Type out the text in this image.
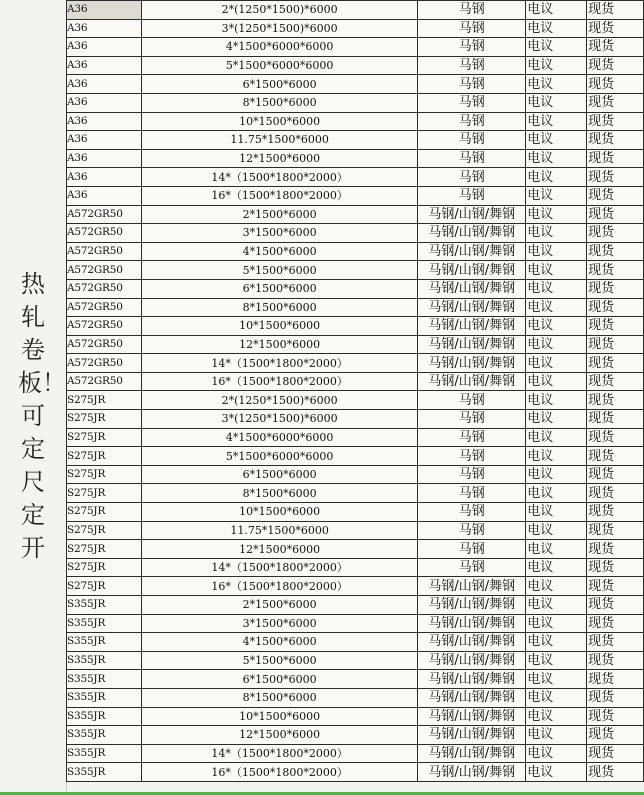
热轧卷板！可定尺定开
A36	2*(1250*1500)*6000	马钢	电议	现货
A36	3*(1250*1500)*6000	马钢	电议	现货
A36	4*1500*6000*6000	马钢	电议	现货
A36	5*1500*6000*6000	马钢	电议	现货
A36	6*1500*6000	马钢	电议	现货
A36	8*1500*6000	马钢	电议	现货
A36	10*1500*6000	马钢	电议	现货
A36	11.75*1500*6000	马钢	电议	现货
A36	12*1500*6000	马钢	电议	现货
A36	14*（1500*1800*2000）	马钢	电议	现货
A36	16*（1500*1800*2000）	马钢	电议	现货
A572GR50	2*1500*6000	马钢/山钢/舞钢	电议	现货
A572GR50	3*1500*6000	马钢/山钢/舞钢	电议	现货
A572GR50	4*1500*6000	马钢/山钢/舞钢	电议	现货
A572GR50	5*1500*6000	马钢/山钢/舞钢	电议	现货
A572GR50	6*1500*6000	马钢/山钢/舞钢	电议	现货
A572GR50	8*1500*6000	马钢/山钢/舞钢	电议	现货
A572GR50	10*1500*6000	马钢/山钢/舞钢	电议	现货
A572GR50	12*1500*6000	马钢/山钢/舞钢	电议	现货
A572GR50	14*（1500*1800*2000）	马钢/山钢/舞钢	电议	现货
A572GR50	16*（1500*1800*2000）	马钢/山钢/舞钢	电议	现货
S275JR	2*(1250*1500)*6000	马钢	电议	现货
S275JR	3*(1250*1500)*6000	马钢	电议	现货
S275JR	4*1500*6000*6000	马钢	电议	现货
S275JR	5*1500*6000*6000	马钢	电议	现货
S275JR	6*1500*6000	马钢	电议	现货
S275JR	8*1500*6000	马钢	电议	现货
S275JR	10*1500*6000	马钢	电议	现货
S275JR	11.75*1500*6000	马钢	电议	现货
S275JR	12*1500*6000	马钢	电议	现货
S275JR	14*（1500*1800*2000）	马钢	电议	现货
S275JR	16*（1500*1800*2000）	马钢/山钢/舞钢	电议	现货
S355JR	2*1500*6000	马钢/山钢/舞钢	电议	现货
S355JR	3*1500*6000	马钢/山钢/舞钢	电议	现货
S355JR	4*1500*6000	马钢/山钢/舞钢	电议	现货
S355JR	5*1500*6000	马钢/山钢/舞钢	电议	现货
S355JR	6*1500*6000	马钢/山钢/舞钢	电议	现货
S355JR	8*1500*6000	马钢/山钢/舞钢	电议	现货
S355JR	10*1500*6000	马钢/山钢/舞钢	电议	现货
S355JR	12*1500*6000	马钢/山钢/舞钢	电议	现货
S355JR	14*（1500*1800*2000）	马钢/山钢/舞钢	电议	现货
S355JR	16*（1500*1800*2000）	马钢/山钢/舞钢	电议	现货
